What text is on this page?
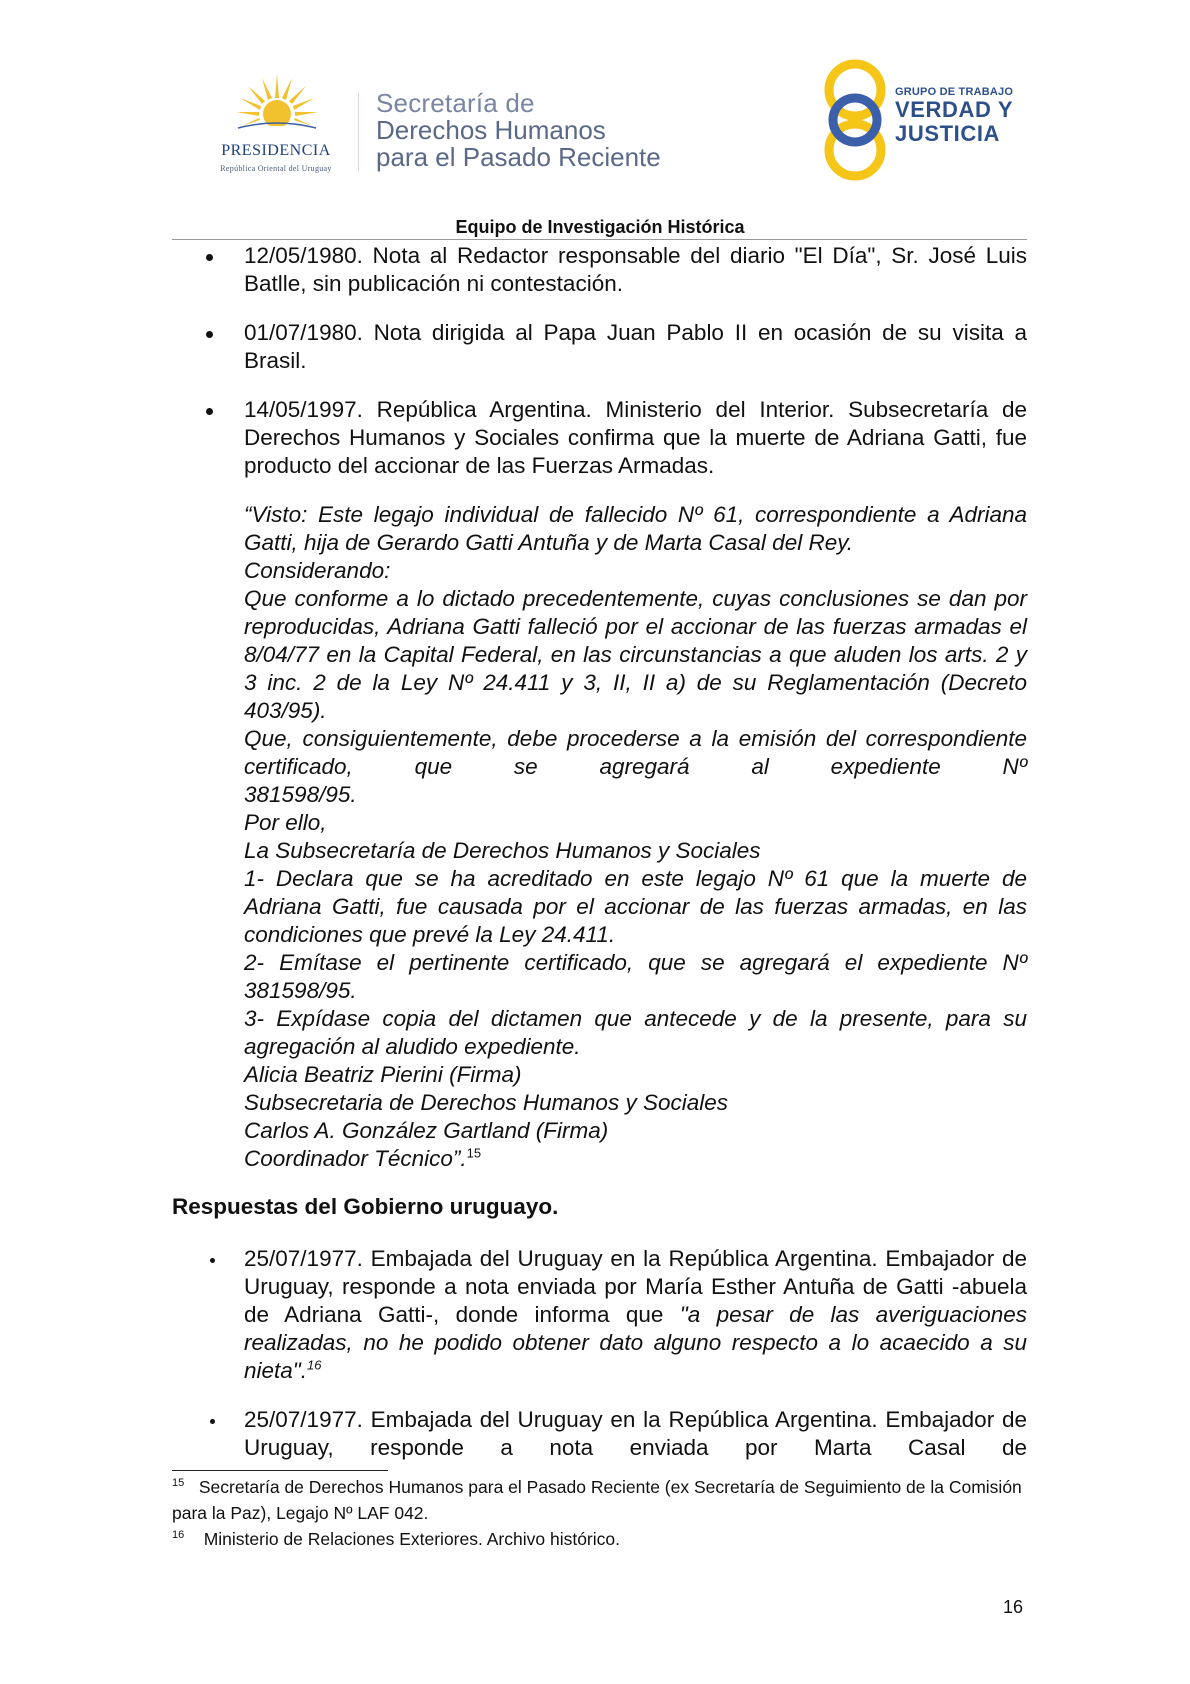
PRESIDENCIA
República Oriental del Uruguay
Secretaría de
Derechos Humanos
para el Pasado Reciente
GRUPO DE TRABAJO
VERDAD Y
JUSTICIA
Equipo de Investigación Histórica
12/05/1980. Nota al Redactor responsable del diario "El Día", Sr. José Luis Batlle, sin publicación ni contestación.
01/07/1980. Nota dirigida al Papa Juan Pablo II en ocasión de su visita a Brasil.
14/05/1997. República Argentina. Ministerio del Interior. Subsecretaría de Derechos Humanos y Sociales confirma que la muerte de Adriana Gatti, fue producto del accionar de las Fuerzas Armadas.

“Visto: Este legajo individual de fallecido Nº 61, correspondiente a Adriana Gatti, hija de Gerardo Gatti Antuña y de Marta Casal del Rey.

Considerando:

Que conforme a lo dictado precedentemente, cuyas conclusiones se dan por reproducidas, Adriana Gatti falleció por el accionar de las fuerzas armadas el 8/04/77 en la Capital Federal, en las circunstancias a que aluden los arts. 2 y 3 inc. 2 de la Ley Nº 24.411 y 3, II, II a) de su Reglamentación (Decreto 403/95).

Que, consiguientemente, debe procederse a la emisión del correspondiente certificado, que se agregará al expediente Nº

381598/95.

Por ello,

La Subsecretaría de Derechos Humanos y Sociales

1- Declara que se ha acreditado en este legajo Nº 61 que la muerte de Adriana Gatti, fue causada por el accionar de las fuerzas armadas, en las condiciones que prevé la Ley 24.411.

2- Emítase el pertinente certificado, que se agregará el expediente Nº

381598/95.

3- Expídase copia del dictamen que antecede y de la presente, para su agregación al aludido expediente.

Alicia Beatriz Pierini (Firma)

Subsecretaria de Derechos Humanos y Sociales

Carlos A. González Gartland (Firma)

Coordinador Técnico”.$^{15}$

Respuestas del Gobierno uruguayo.
25/07/1977. Embajada del Uruguay en la República Argentina. Embajador de Uruguay, responde a nota enviada por María Esther Antuña de Gatti -abuela de Adriana Gatti-, donde informa que "a pesar de las averiguaciones realizadas, no he podido obtener dato alguno respecto a lo acaecido a su nieta".$^{16}$
25/07/1977. Embajada del Uruguay en la República Argentina. Embajador de Uruguay, responde a nota enviada por Marta Casal de

$^{15}$ Secretaría de Derechos Humanos para el Pasado Reciente (ex Secretaría de Seguimiento de la Comisión para la Paz), Legajo Nº LAF 042.

$^{16}$ Ministerio de Relaciones Exteriores. Archivo histórico.

16
